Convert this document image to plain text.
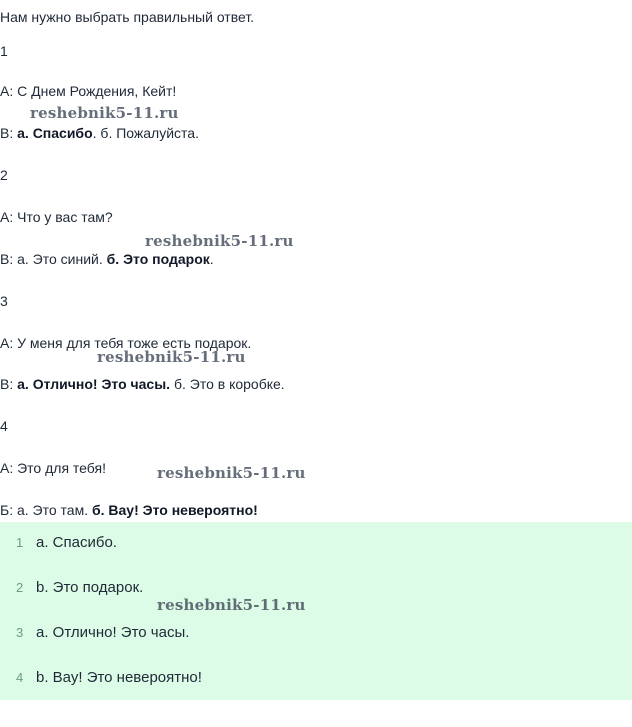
Нам нужно выбрать правильный ответ.
1
А: С Днем Рождения, Кейт!
В: а. Спасибо. б. Пожалуйста.
reshebnik5-11.ru
2
А: Что у вас там?
В: а. Это синий. б. Это подарок.
reshebnik5-11.ru
3
А: У меня для тебя тоже есть подарок.
В: а. Отлично! Это часы. б. Это в коробке.
reshebnik5-11.ru
4
А: Это для тебя!
Б: а. Это там. б. Вау! Это невероятно!
reshebnik5-11.ru
1 a. Спасибо.
2 b. Это подарок.
3 a. Отлично! Это часы.
4 b. Вау! Это невероятно!
reshebnik5-11.ru
